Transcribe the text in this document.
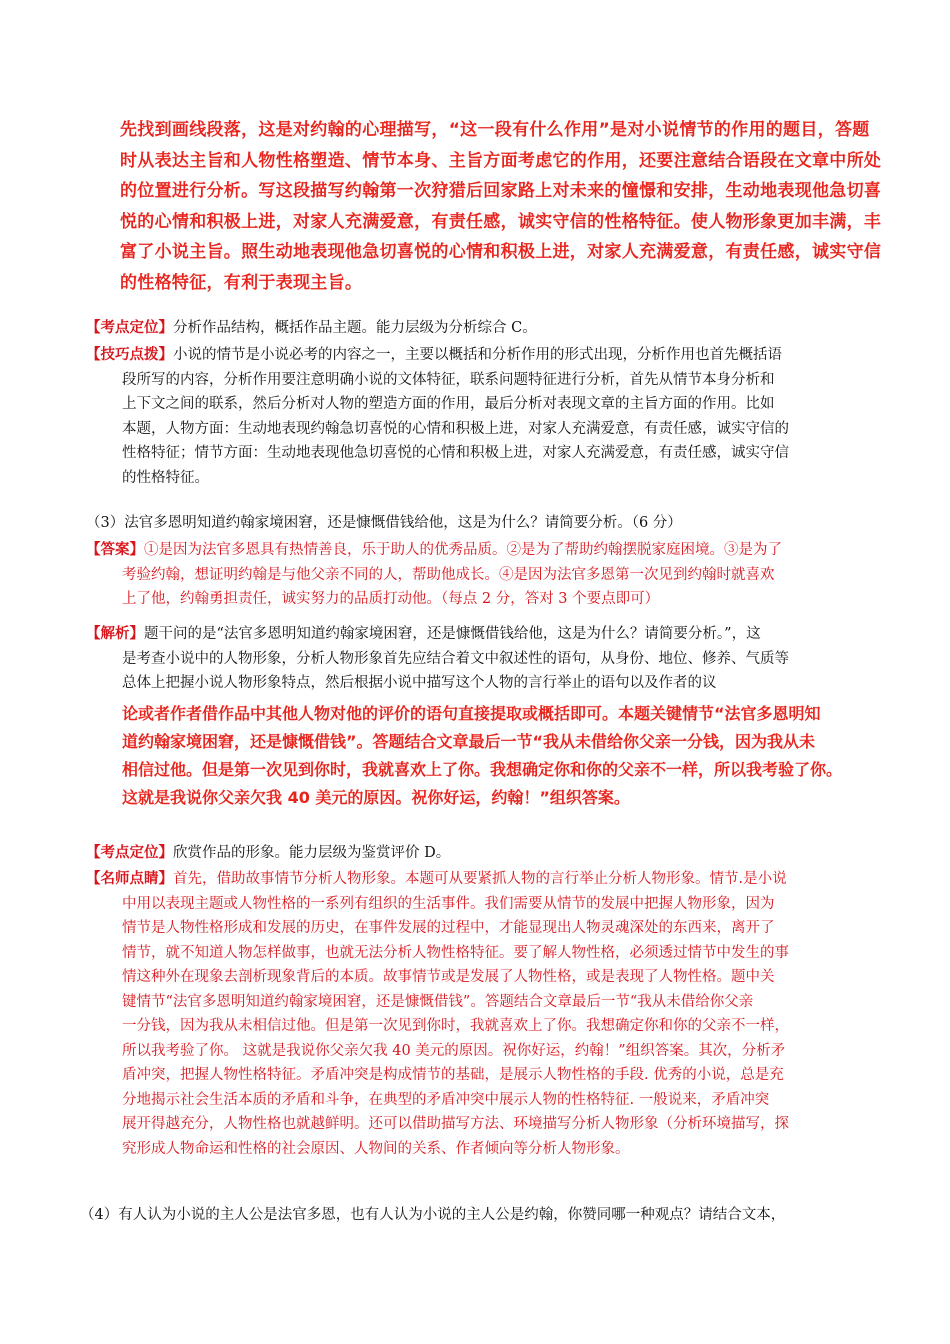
先找到画线段落，这是对约翰的心理描写，“这一段有什么作用”是对小说情节的作用的题目，答题

时从表达主旨和人物性格塑造、情节本身、主旨方面考虑它的作用，还要注意结合语段在文章中所处

的位置进行分析。写这段描写约翰第一次狩猎后回家路上对未来的憧憬和安排，生动地表现他急切喜

悦的心情和积极上进，对家人充满爱意，有责任感，诚实守信的性格特征。使人物形象更加丰满，丰

富了小说主旨。照生动地表现他急切喜悦的心情和积极上进，对家人充满爱意，有责任感，诚实守信

的性格特征，有利于表现主旨。

【考点定位】分析作品结构，概括作品主题。能力层级为分析综合 C。
【技巧点拨】小说的情节是小说必考的内容之一，主要以概括和分析作用的形式出现，分析作用也首先概括语
段所写的内容，分析作用要注意明确小说的文体特征，联系问题特征进行分析，首先从情节本身分析和
上下文之间的联系，然后分析对人物的塑造方面的作用，最后分析对表现文章的主旨方面的作用。比如
本题，人物方面：生动地表现约翰急切喜悦的心情和积极上进，对家人充满爱意，有责任感，诚实守信的
性格特征；情节方面：生动地表现他急切喜悦的心情和积极上进，对家人充满爱意，有责任感，诚实守信
的性格特征。
（3）法官多恩明知道约翰家境困窘，还是慷慨借钱给他，这是为什么？请简要分析。（6 分）
【答案】①是因为法官多恩具有热情善良，乐于助人的优秀品质。②是为了帮助约翰摆脱家庭困境。③是为了
考验约翰，想证明约翰是与他父亲不同的人，帮助他成长。④是因为法官多恩第一次见到约翰时就喜欢
上了他，约翰勇担责任，诚实努力的品质打动他。（每点 2 分，答对 3 个要点即可）
【解析】题干问的是“法官多恩明知道约翰家境困窘，还是慷慨借钱给他，这是为什么？请简要分析。”，这
是考查小说中的人物形象，分析人物形象首先应结合着文中叙述性的语句，从身份、地位、修养、气质等
总体上把握小说人物形象特点，然后根据小说中描写这个人物的言行举止的语句以及作者的议
论或者作者借作品中其他人物对他的评价的语句直接提取或概括即可。本题关键情节“法官多恩明知
道约翰家境困窘，还是慷慨借钱”。答题结合文章最后一节“我从未借给你父亲一分钱，因为我从未
相信过他。但是第一次见到你时，我就喜欢上了你。我想确定你和你的父亲不一样，所以我考验了你。
这就是我说你父亲欠我 40 美元的原因。祝你好运，约翰！”组织答案。
【考点定位】欣赏作品的形象。能力层级为鉴赏评价 D。
【名师点睛】首先，借助故事情节分析人物形象。本题可从要紧抓人物的言行举止分析人物形象。情节.是小说
中用以表现主题或人物性格的一系列有组织的生活事件。我们需要从情节的发展中把握人物形象，因为
情节是人物性格形成和发展的历史，在事件发展的过程中，才能显现出人物灵魂深处的东西来，离开了
情节，就不知道人物怎样做事，也就无法分析人物性格特征。要了解人物性格，必须透过情节中发生的事
情这种外在现象去剖析现象背后的本质。故事情节或是发展了人物性格，或是表现了人物性格。题中关
键情节“法官多恩明知道约翰家境困窘，还是慷慨借钱”。答题结合文章最后一节“我从未借给你父亲
一分钱，因为我从未相信过他。但是第一次见到你时，我就喜欢上了你。我想确定你和你的父亲不一样，
所以我考验了你。 这就是我说你父亲欠我 40 美元的原因。祝你好运，约翰！”组织答案。其次，分析矛
盾冲突，把握人物性格特征。矛盾冲突是构成情节的基础，是展示人物性格的手段. 优秀的小说，总是充
分地揭示社会生活本质的矛盾和斗争，在典型的矛盾冲突中展示人物的性格特征. 一般说来，矛盾冲突
展开得越充分，人物性格也就越鲜明。还可以借助描写方法、环境描写分析人物形象（分析环境描写，探
究形成人物命运和性格的社会原因、人物间的关系、作者倾向等分析人物形象。
（4）有人认为小说的主人公是法官多恩，也有人认为小说的主人公是约翰，你赞同哪一种观点？请结合文本，
